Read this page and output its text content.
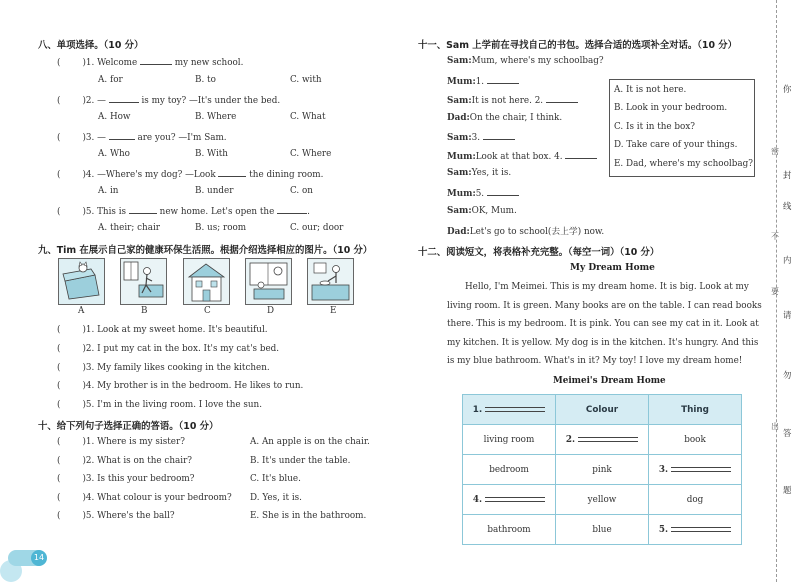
八、单项选择。（10 分）
(	)1. Welcome	my new school.
A. for	B. to	C. with
(	)2. —	is my toy? —It's under the bed.
A. How	B. Where	C. What
(	)3. —	are you? —I'm Sam.
A. Who	B. With	C. Where
(	)4. —Where's my dog? —Look	the dining room.
A. in	B. under	C. on
(	)5. This is	new home. Let's open the	.
A. their; chair	B. us; room	C. our; door
九、Tim 在展示自己家的健康环保生活照。根据介绍选择相应的图片。（10 分）
A	B	C	D	E
(	)1. Look at my sweet home. It's beautiful.
(	)2. I put my cat in the box. It's my cat's bed.
(	)3. My family likes cooking in the kitchen.
(	)4. My brother is in the bedroom. He likes to run.
(	)5. I'm in the living room. I love the sun.
十、给下列句子选择正确的答语。（10 分）
(	)1. Where is my sister?	A. An apple is on the chair.
(	)2. What is on the chair?	B. It's under the table.
(	)3. Is this your bedroom?	C. It's blue.
(	)4. What colour is your bedroom? D. Yes, it is.
(	)5. Where's the ball?	E. She is in the bathroom.
14
十一、Sam 上学前在寻找自己的书包。选择合适的选项补全对话。（10 分）
Sam:Mum, where's my schoolbag?
Mum:1.
Sam:It is not here. 2.
Dad:On the chair, I think.
Sam:3.
Mum:Look at that box. 4.
Sam:Yes, it is.
Mum:5.
Sam:OK, Mum.
Dad:Let's go to school(去上学) now.
A. It is not here.
B. Look in your bedroom.
C. Is it in the box?
D. Take care of your things.
E. Dad, where's my schoolbag?
十二、阅读短文，将表格补充完整。（每空一词）（10 分）
My Dream Home
Hello, I'm Meimei. This is my dream home. It is big. Look at my
living room. It is green. Many books are on the table. I can read books
there. This is my bedroom. It is pink. You can see my cat in it. Look at
my kitchen. It is yellow. My dog is in the kitchen. It's hungry. And this
is my blue bathroom. What's in it? My toy! I love my dream home!
Meimei's Dream Home
1.	Colour	Thing
living room	2.	book
bedroom	pink	3.

4.	yellow	dog
bathroom	blue	5.
你
密
封
线
不
内
要
请
勿
出
答
题
